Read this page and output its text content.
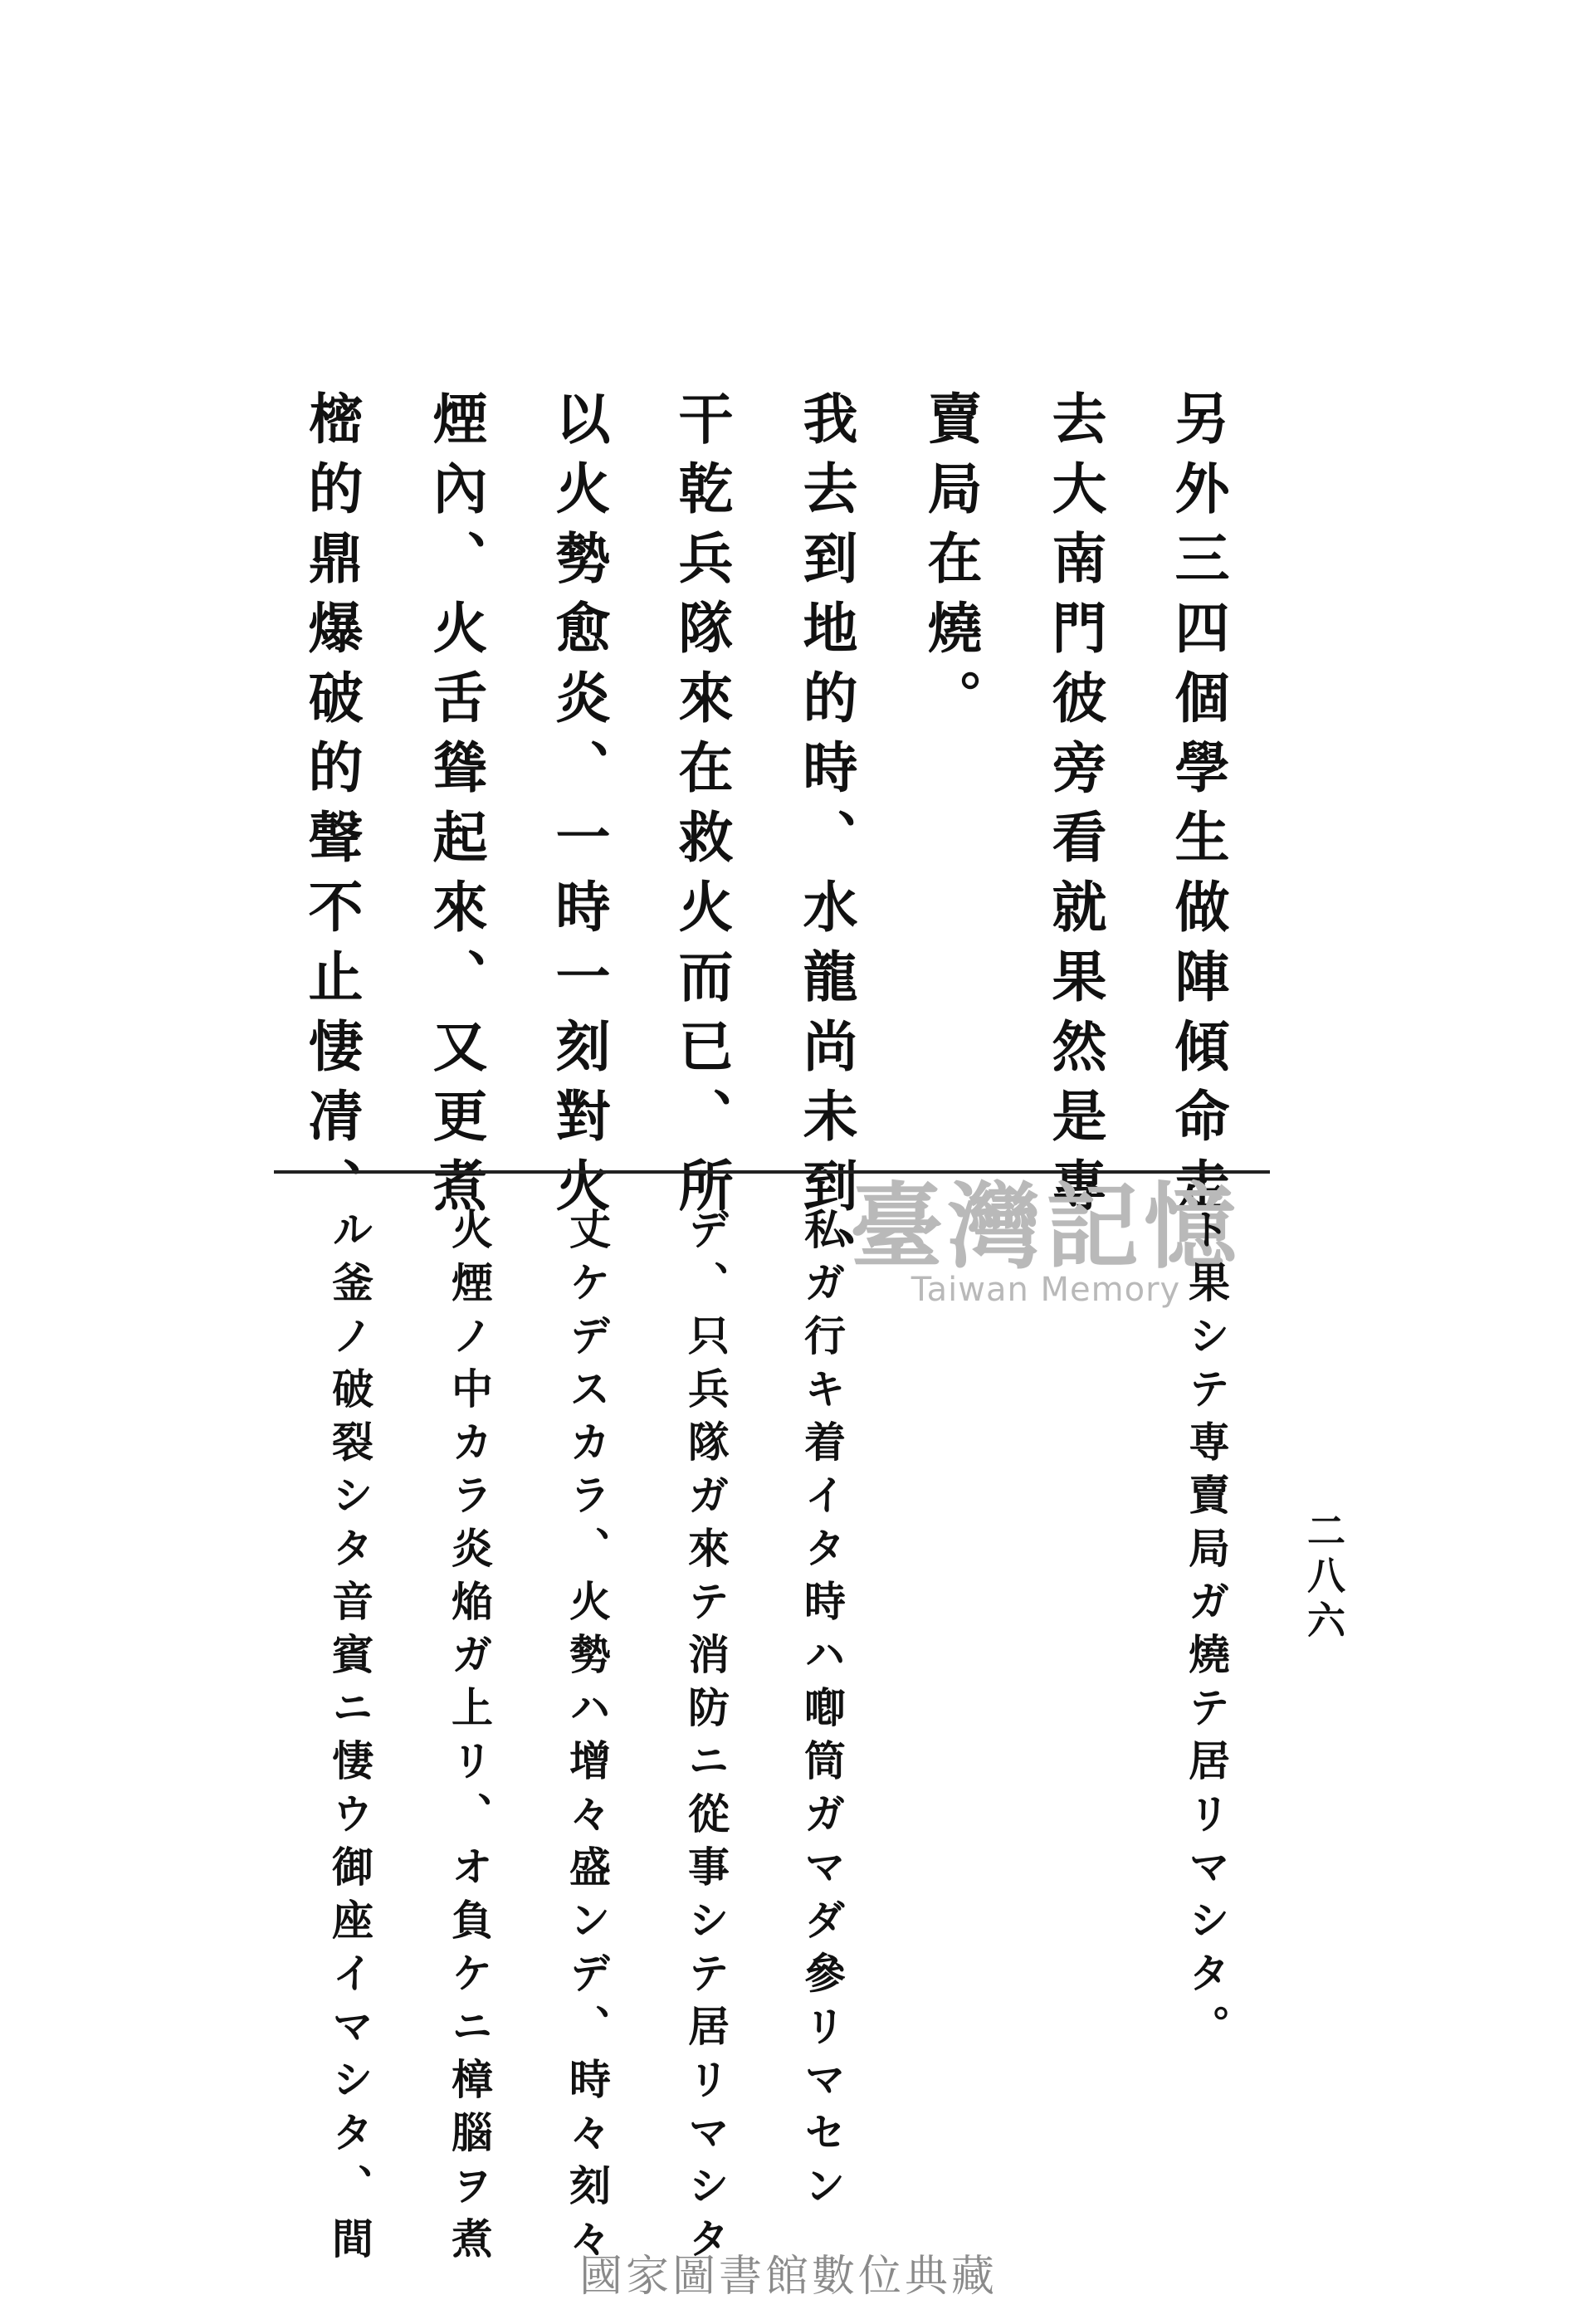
二八六
另外三四個學生做陣傾命走
去大南門彼旁看就果然是專
賣局在燒。
我去到地的時、水龍尚未到、
干乾兵隊來在救火而已、所
以火勢愈炎、一時一刻對火
煙內、火舌聳起來、又更煮
樒的鼎爆破的聲不止悽凊、
臺灣記憶
Taiwan Memory ト果シテ専賣局ガ燒テ居リマシタ。
私ガ行キ着イタ時ハ喞筒ガマダ參リマセン
デ、只兵隊ガ來テ消防ニ從事シテ居リマシタ
丈ケデスカラ、火勢ハ增々盛ンデ、時々刻々
火煙ノ中カラ炎焔ガ上リ、オ負ケニ樟腦ヲ煮
ル釜ノ破裂シタ音賓ニ悽ウ御座イマシタ、間
國家圖書館數位典藏
